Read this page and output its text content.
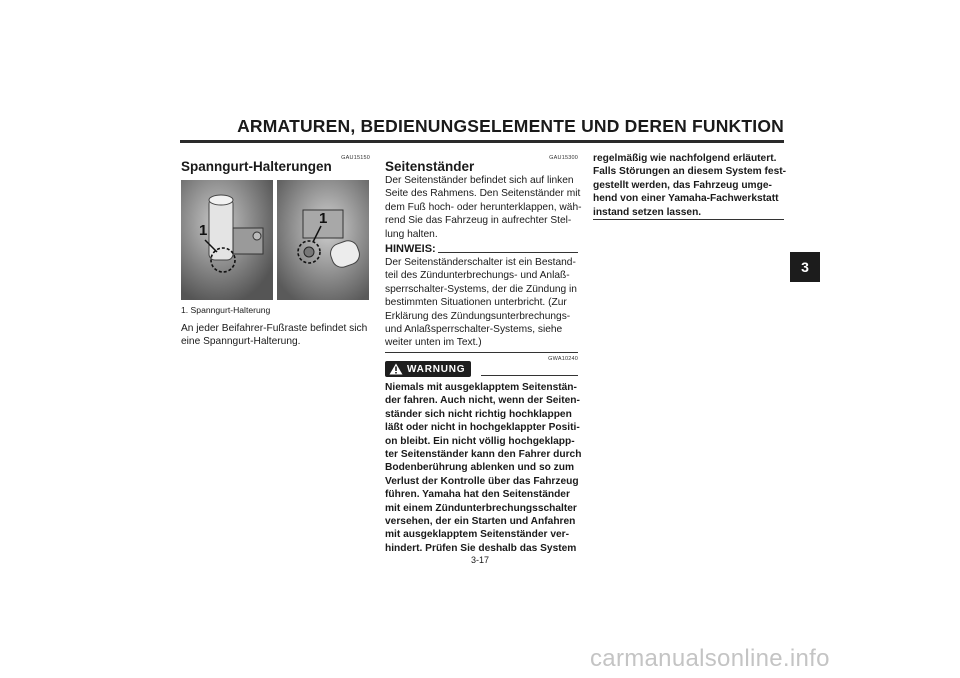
ARMATUREN, BEDIENUNGSELEMENTE UND DEREN FUNKTION
3
GAU15150
Spanngurt-Halterungen
1
1
1. Spanngurt-Halterung
An jeder Beifahrer-Fußraste befindet sich
eine Spanngurt-Halterung.
GAU15300
Seitenständer
Der Seitenständer befindet sich auf linken
Seite des Rahmens. Den Seitenständer mit
dem Fuß hoch- oder herunterklappen, wäh-
rend Sie das Fahrzeug in aufrechter Stel-
lung halten.
HINWEIS:
Der Seitenständerschalter ist ein Bestand-
teil des Zündunterbrechungs- und Anlaß-
sperrschalter-Systems, der die Zündung in
bestimmten Situationen unterbricht. (Zur
Erklärung des Zündungsunterbrechungs-
und Anlaßsperrschalter-Systems, siehe
weiter unten im Text.)
GWA10240
WARNUNG
Niemals mit ausgeklapptem Seitenstän-
der fahren. Auch nicht, wenn der Seiten-
ständer sich nicht richtig hochklappen
läßt oder nicht in hochgeklappter Positi-
on bleibt. Ein nicht völlig hochgeklapp-
ter Seitenständer kann den Fahrer durch
Bodenberührung ablenken und so zum
Verlust der Kontrolle über das Fahrzeug
führen. Yamaha hat den Seitenständer
mit einem Zündunterbrechungsschalter
versehen, der ein Starten und Anfahren
mit ausgeklapptem Seitenständer ver-
hindert. Prüfen Sie deshalb das System
regelmäßig wie nachfolgend erläutert.
Falls Störungen an diesem System fest-
gestellt werden, das Fahrzeug umge-
hend von einer Yamaha-Fachwerkstatt
instand setzen lassen.
3-17
carmanualsonline.info
